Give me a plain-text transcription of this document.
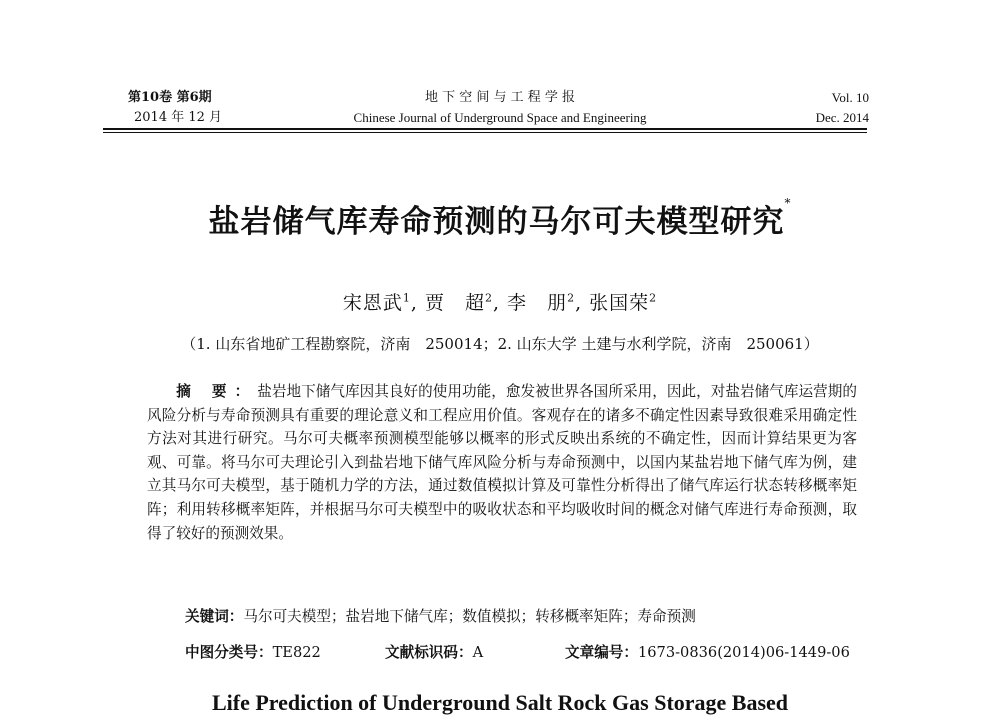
第10卷 第6期
2014 年 12 月
地 下 空 间 与 工 程 学 报
Chinese Journal of Underground Space and Engineering
Vol. 10
Dec. 2014
盐岩储气库寿命预测的马尔可夫模型研究*
宋恩武$^1$, 贾　超$^2$, 李　朋$^2$, 张国荣$^2$
（1. 山东省地矿工程勘察院，济南　250014；2. 山东大学 土建与水利学院，济南　250061）
摘 要：盐岩地下储气库因其良好的使用功能，愈发被世界各国所采用，因此，对盐岩储气库运营期的风险分析与寿命预测具有重要的理论意义和工程应用价值。客观存在的诸多不确定性因素导致很难采用确定性方法对其进行研究。马尔可夫概率预测模型能够以概率的形式反映出系统的不确定性，因而计算结果更为客观、可靠。将马尔可夫理论引入到盐岩地下储气库风险分析与寿命预测中，以国内某盐岩地下储气库为例，建立其马尔可夫模型，基于随机力学的方法，通过数值模拟计算及可靠性分析得出了储气库运行状态转移概率矩阵；利用转移概率矩阵，并根据马尔可夫模型中的吸收状态和平均吸收时间的概念对储气库进行寿命预测，取得了较好的预测效果。
关键词：马尔可夫模型；盐岩地下储气库；数值模拟；转移概率矩阵；寿命预测
中图分类号：TE822	文献标识码：A	文章编号：1673-0836(2014)06-1449-06
Life Prediction of Underground Salt Rock Gas Storage Based
